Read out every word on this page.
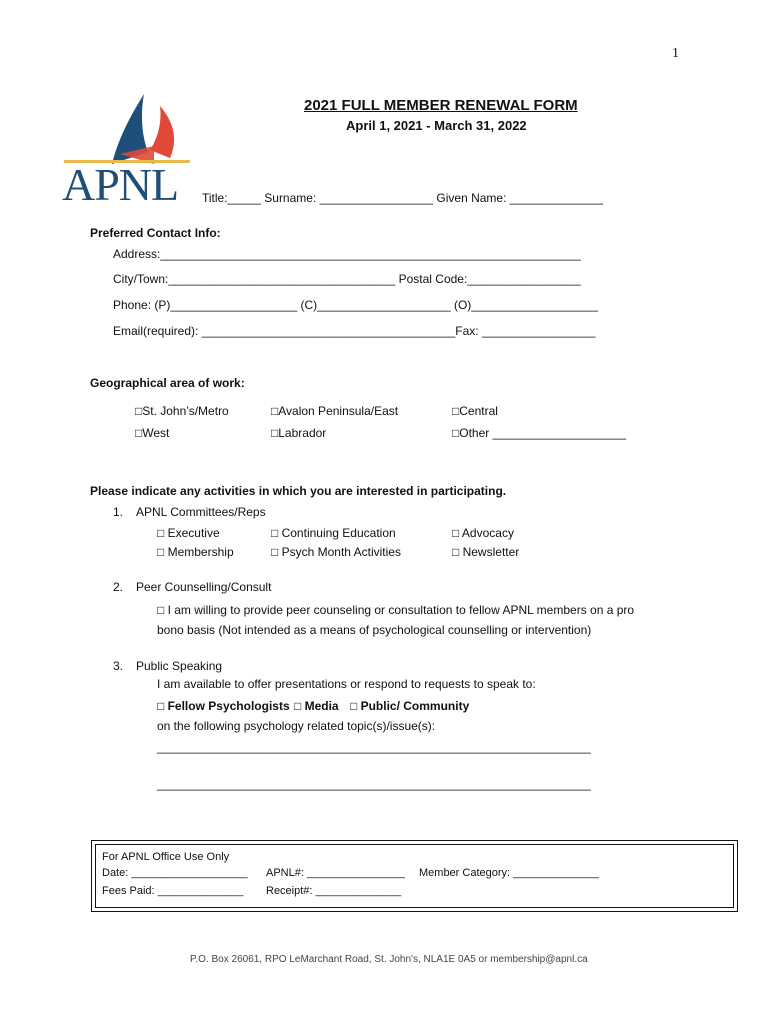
1
APNL
2021 FULL MEMBER RENEWAL FORM
April 1, 2021 - March 31, 2022
Title:_____ Surname: _________________ Given Name: ______________
Preferred Contact Info:
Address:_______________________________________________________________
City/Town:__________________________________ Postal Code:_________________
Phone: (P)___________________ (C)____________________ (O)___________________
Email(required): ______________________________________Fax: _________________
Geographical area of work:
□St. John’s/Metro	□Avalon Peninsula/East	□Central
□West	□Labrador	□Other ____________________
Please indicate any activities in which you are interested in participating.
1. APNL Committees/Reps
□ Executive	□ Continuing Education	□ Advocacy
□ Membership	□ Psych Month Activities	□ Newsletter
2. Peer Counselling/Consult
□ I am willing to provide peer counseling or consultation to fellow APNL members on a pro
bono basis (Not intended as a means of psychological counselling or intervention)
3. Public Speaking
I am available to offer presentations or respond to requests to speak to:
□ Fellow Psychologists □ Media □ Public/ Community
on the following psychology related topic(s)/issue(s):
_________________________________________________________________
_________________________________________________________________
For APNL Office Use Only
Date: ___________________ APNL#: ________________ Member Category: ______________
Fees Paid: ______________ Receipt#: ______________
P.O. Box 26061, RPO LeMarchant Road, St. John's, NLA1E 0A5 or membership@apnl.ca
